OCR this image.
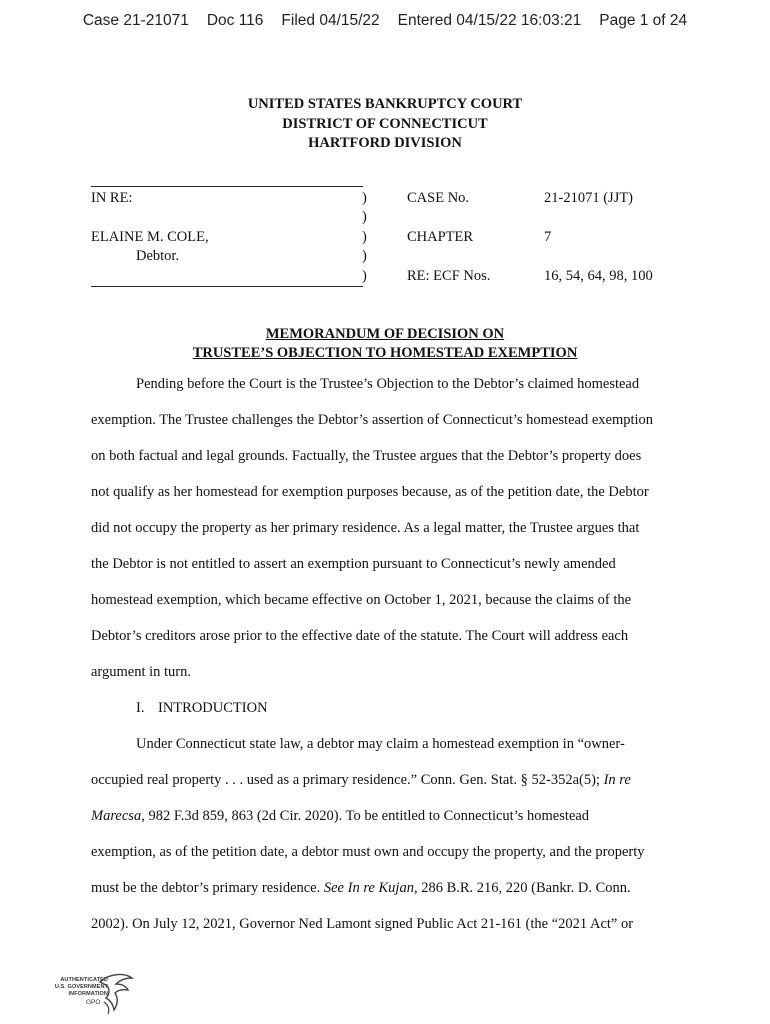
Case 21-21071 Doc 116 Filed 04/15/22 Entered 04/15/22 16:03:21 Page 1 of 24
UNITED STATES BANKRUPTCY COURT
DISTRICT OF CONNECTICUT
HARTFORD DIVISION
IN RE:
ELAINE M. COLE,
Debtor.
)
)
)
)
)
CASE No.	21-21071 (JJT)
CHAPTER	7
RE: ECF Nos.	16, 54, 64, 98, 100
MEMORANDUM OF DECISION ON
TRUSTEE’S OBJECTION TO HOMESTEAD EXEMPTION
Pending before the Court is the Trustee’s Objection to the Debtor’s claimed homestead
exemption. The Trustee challenges the Debtor’s assertion of Connecticut’s homestead exemption
on both factual and legal grounds. Factually, the Trustee argues that the Debtor’s property does
not qualify as her homestead for exemption purposes because, as of the petition date, the Debtor
did not occupy the property as her primary residence. As a legal matter, the Trustee argues that
the Debtor is not entitled to assert an exemption pursuant to Connecticut’s newly amended
homestead exemption, which became effective on October 1, 2021, because the claims of the
Debtor’s creditors arose prior to the effective date of the statute. The Court will address each
argument in turn.
I. INTRODUCTION
Under Connecticut state law, a debtor may claim a homestead exemption in “owner-
occupied real property . . . used as a primary residence.” Conn. Gen. Stat. § 52-352a(5); In re
Marecsa, 982 F.3d 859, 863 (2d Cir. 2020). To be entitled to Connecticut’s homestead
exemption, as of the petition date, a debtor must own and occupy the property, and the property
must be the debtor’s primary residence. See In re Kujan, 286 B.R. 216, 220 (Bankr. D. Conn.
2002). On July 12, 2021, Governor Ned Lamont signed Public Act 21-161 (the “2021 Act” or
AUTHENTICATED
U.S. GOVERNMENT
INFORMATION
GPO
